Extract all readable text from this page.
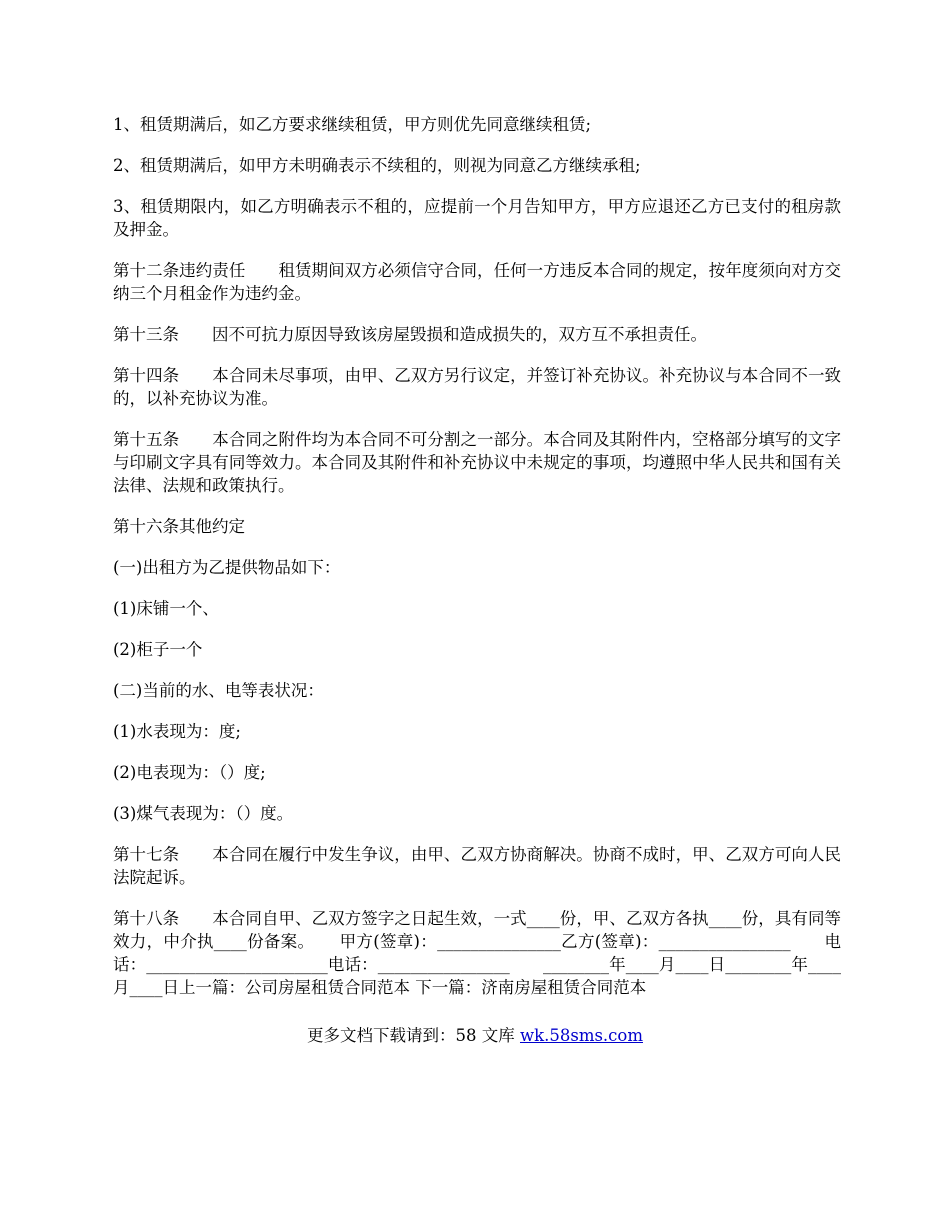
1、租赁期满后，如乙方要求继续租赁，甲方则优先同意继续租赁;

2、租赁期满后，如甲方未明确表示不续租的，则视为同意乙方继续承租;

3、租赁期限内，如乙方明确表示不租的，应提前一个月告知甲方，甲方应退还乙方已支付的租房款及押金。

第十二条违约责任　　租赁期间双方必须信守合同，任何一方违反本合同的规定，按年度须向对方交纳三个月租金作为违约金。

第十三条　　因不可抗力原因导致该房屋毁损和造成损失的，双方互不承担责任。

第十四条　　本合同未尽事项，由甲、乙双方另行议定，并签订补充协议。补充协议与本合同不一致的，以补充协议为准。

第十五条　　本合同之附件均为本合同不可分割之一部分。本合同及其附件内，空格部分填写的文字与印刷文字具有同等效力。本合同及其附件和补充协议中未规定的事项，均遵照中华人民共和国有关法律、法规和政策执行。

第十六条其他约定

(一)出租方为乙提供物品如下：

(1)床铺一个、

(2)柜子一个

(二)当前的水、电等表状况：

(1)水表现为：度;

(2)电表现为：（）度;

(3)煤气表现为：（）度。

第十七条　　本合同在履行中发生争议，由甲、乙双方协商解决。协商不成时，甲、乙双方可向人民法院起诉。

第十八条　　本合同自甲、乙双方签字之日起生效，一式____份，甲、乙双方各执____份，具有同等效力，中介执____份备案。　　甲方(签章)：_______________乙方(签章)：________________　　电话：______________________电话：________________　　________年____月____日________年____月____日上一篇：公司房屋租赁合同范本 下一篇：济南房屋租赁合同范本

更多文档下载请到：58 文库 wk.58sms.com
